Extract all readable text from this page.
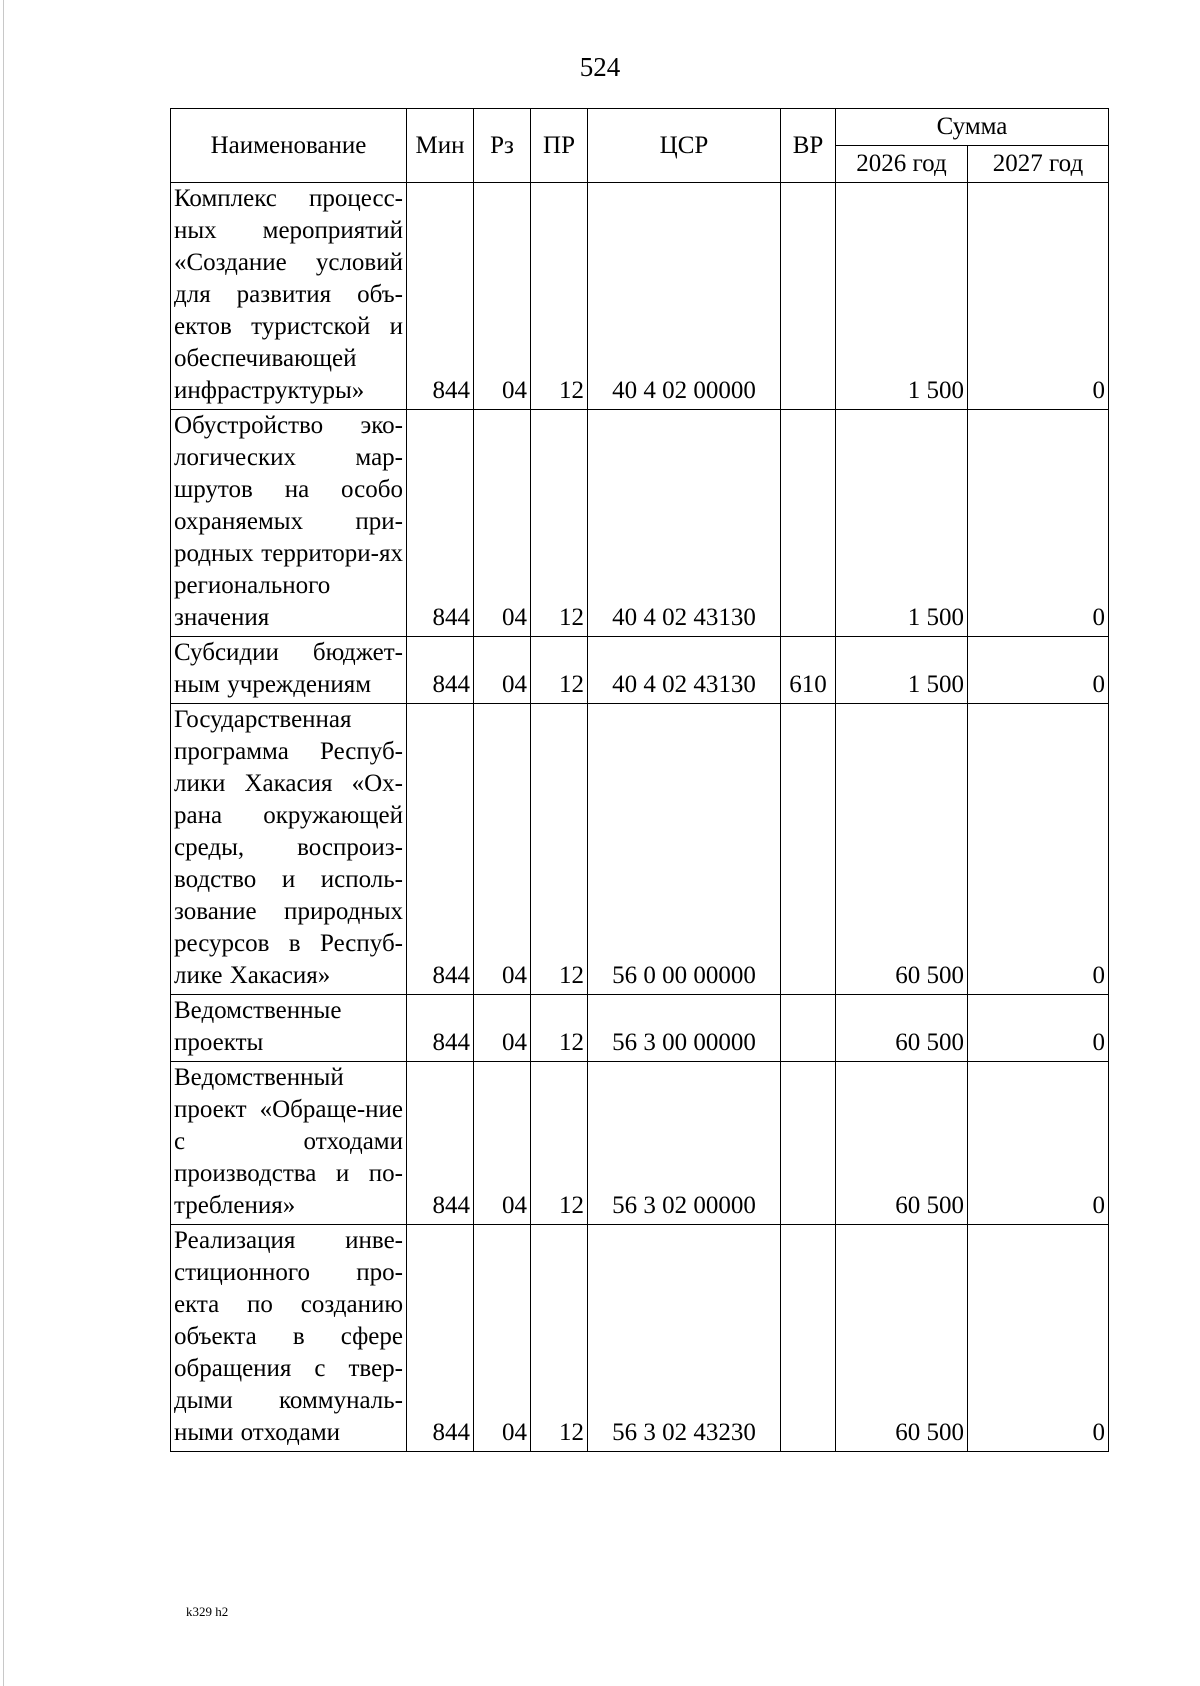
524
Наименование	Мин	Рз	ПР	ЦСР	ВР	Сумма	
						2026 год	2027 год
Комплекс процесс-ных мероприятий «Создание условий для развития объ-ектов туристской и обеспечивающей инфраструктуры»	844	04	12	40 4 02 00000		1 500	0
Обустройство эко-логических мар-шрутов на особо охраняемых при-родных территори-ях регионального значения	844	04	12	40 4 02 43130		1 500	0
Субсидии бюджет-ным учреждениям	844	04	12	40 4 02 43130	610	1 500	0
Государственная программа Респуб-лики Хакасия «Ох-рана окружающей среды, воспроиз-водство и исполь-зование природных ресурсов в Респуб-лике Хакасия»	844	04	12	56 0 00 00000		60 500	0
Ведомственные проекты	844	04	12	56 3 00 00000		60 500	0
Ведомственный проект «Обраще-ние с отходами производства и по-требления»	844	04	12	56 3 02 00000		60 500	0
Реализация инве-стиционного про-екта по созданию объекта в сфере обращения с твер-дыми коммуналь-ными отходами	844	04	12	56 3 02 43230		60 500	0
k329 h2
